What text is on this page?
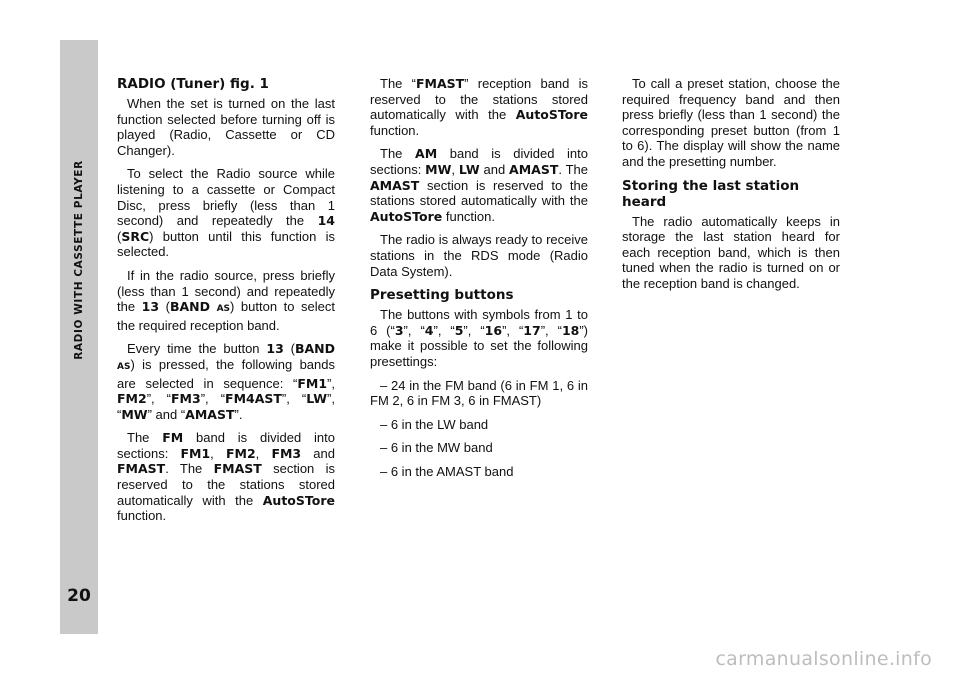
RADIO WITH CASSETTE PLAYER
20
RADIO (Tuner) fig. 1

When the set is turned on the last function selected before turning off is played (Radio, Cassette or CD Changer).

To select the Radio source while listening to a cassette or Compact Disc, press briefly (less than 1 second) and repeatedly the 14 (SRC) button until this function is selected.

If in the radio source, press briefly (less than 1 second) and repeatedly the 13 (BAND AS) button to select the required reception band.

Every time the button 13 (BAND AS) is pressed, the following bands are selected in sequence: “FM1”, FM2”, “FM3”, “FM4AST”, “LW”, “MW” and “AMAST”.

The FM band is divided into sections: FM1, FM2, FM3 and FMAST. The FMAST section is reserved to the stations stored automatically with the AutoSTore function.

The “FMAST” reception band is reserved to the stations stored automatically with the AutoSTore function.

The AM band is divided into sections: MW, LW and AMAST. The AMAST section is reserved to the stations stored automatically with the AutoSTore function.

The radio is always ready to receive stations in the RDS mode (Radio Data System).

Presetting buttons

The buttons with symbols from 1 to 6 (“3”, “4”, “5”, “16”, “17”, “18”) make it possible to set the following presettings:

– 24 in the FM band (6 in FM 1, 6 in FM 2, 6 in FM 3, 6 in FMAST)

– 6 in the LW band

– 6 in the MW band

– 6 in the AMAST band

To call a preset station, choose the required frequency band and then press briefly (less than 1 second) the corresponding preset button (from 1 to 6). The display will show the name and the presetting number.

Storing the last station heard

The radio automatically keeps in storage the last station heard for each reception band, which is then tuned when the radio is turned on or the reception band is changed.

carmanualsonline.info
